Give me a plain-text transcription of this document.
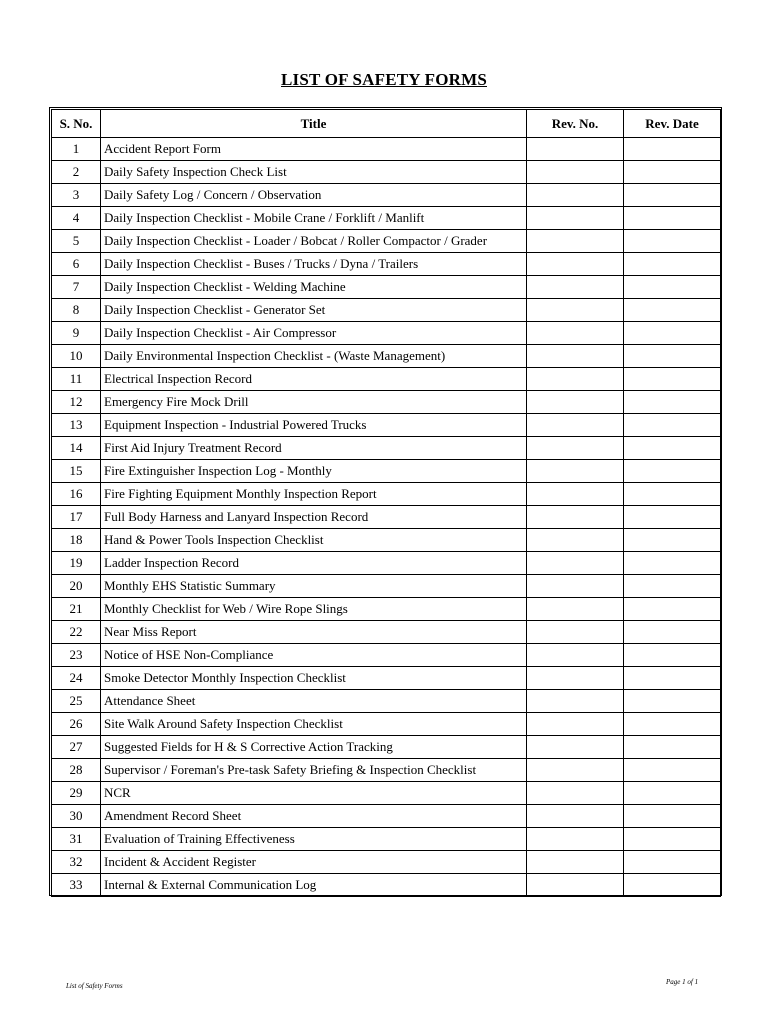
LIST OF SAFETY FORMS
S. No.	Title	Rev. No.	Rev. Date
1	Accident Report Form		
2	Daily Safety Inspection Check List		
3	Daily Safety Log / Concern / Observation		
4	Daily Inspection Checklist - Mobile Crane / Forklift / Manlift		
5	Daily Inspection Checklist - Loader / Bobcat / Roller Compactor / Grader		
6	Daily Inspection Checklist - Buses / Trucks / Dyna / Trailers		
7	Daily Inspection Checklist - Welding Machine		
8	Daily Inspection Checklist - Generator Set		
9	Daily Inspection Checklist - Air Compressor		
10	Daily Environmental Inspection Checklist - (Waste Management)		
11	Electrical Inspection Record		
12	Emergency Fire Mock Drill		
13	Equipment Inspection - Industrial Powered Trucks		
14	First Aid Injury Treatment Record		
15	Fire Extinguisher Inspection Log - Monthly		
16	Fire Fighting Equipment Monthly Inspection Report		
17	Full Body Harness and Lanyard Inspection Record		
18	Hand & Power Tools Inspection Checklist		
19	Ladder Inspection Record		
20	Monthly EHS Statistic Summary		
21	Monthly Checklist for Web / Wire Rope Slings		
22	Near Miss Report		
23	Notice of HSE Non-Compliance		
24	Smoke Detector Monthly Inspection Checklist		
25	Attendance Sheet		
26	Site Walk Around Safety Inspection Checklist		
27	Suggested Fields for H & S Corrective Action Tracking		
28	Supervisor / Foreman's Pre-task Safety Briefing & Inspection Checklist		
29	NCR		
30	Amendment Record Sheet		
31	Evaluation of Training Effectiveness		
32	Incident & Accident Register		
33	Internal & External Communication Log		
List of Safety Forms	Page 1 of 1
